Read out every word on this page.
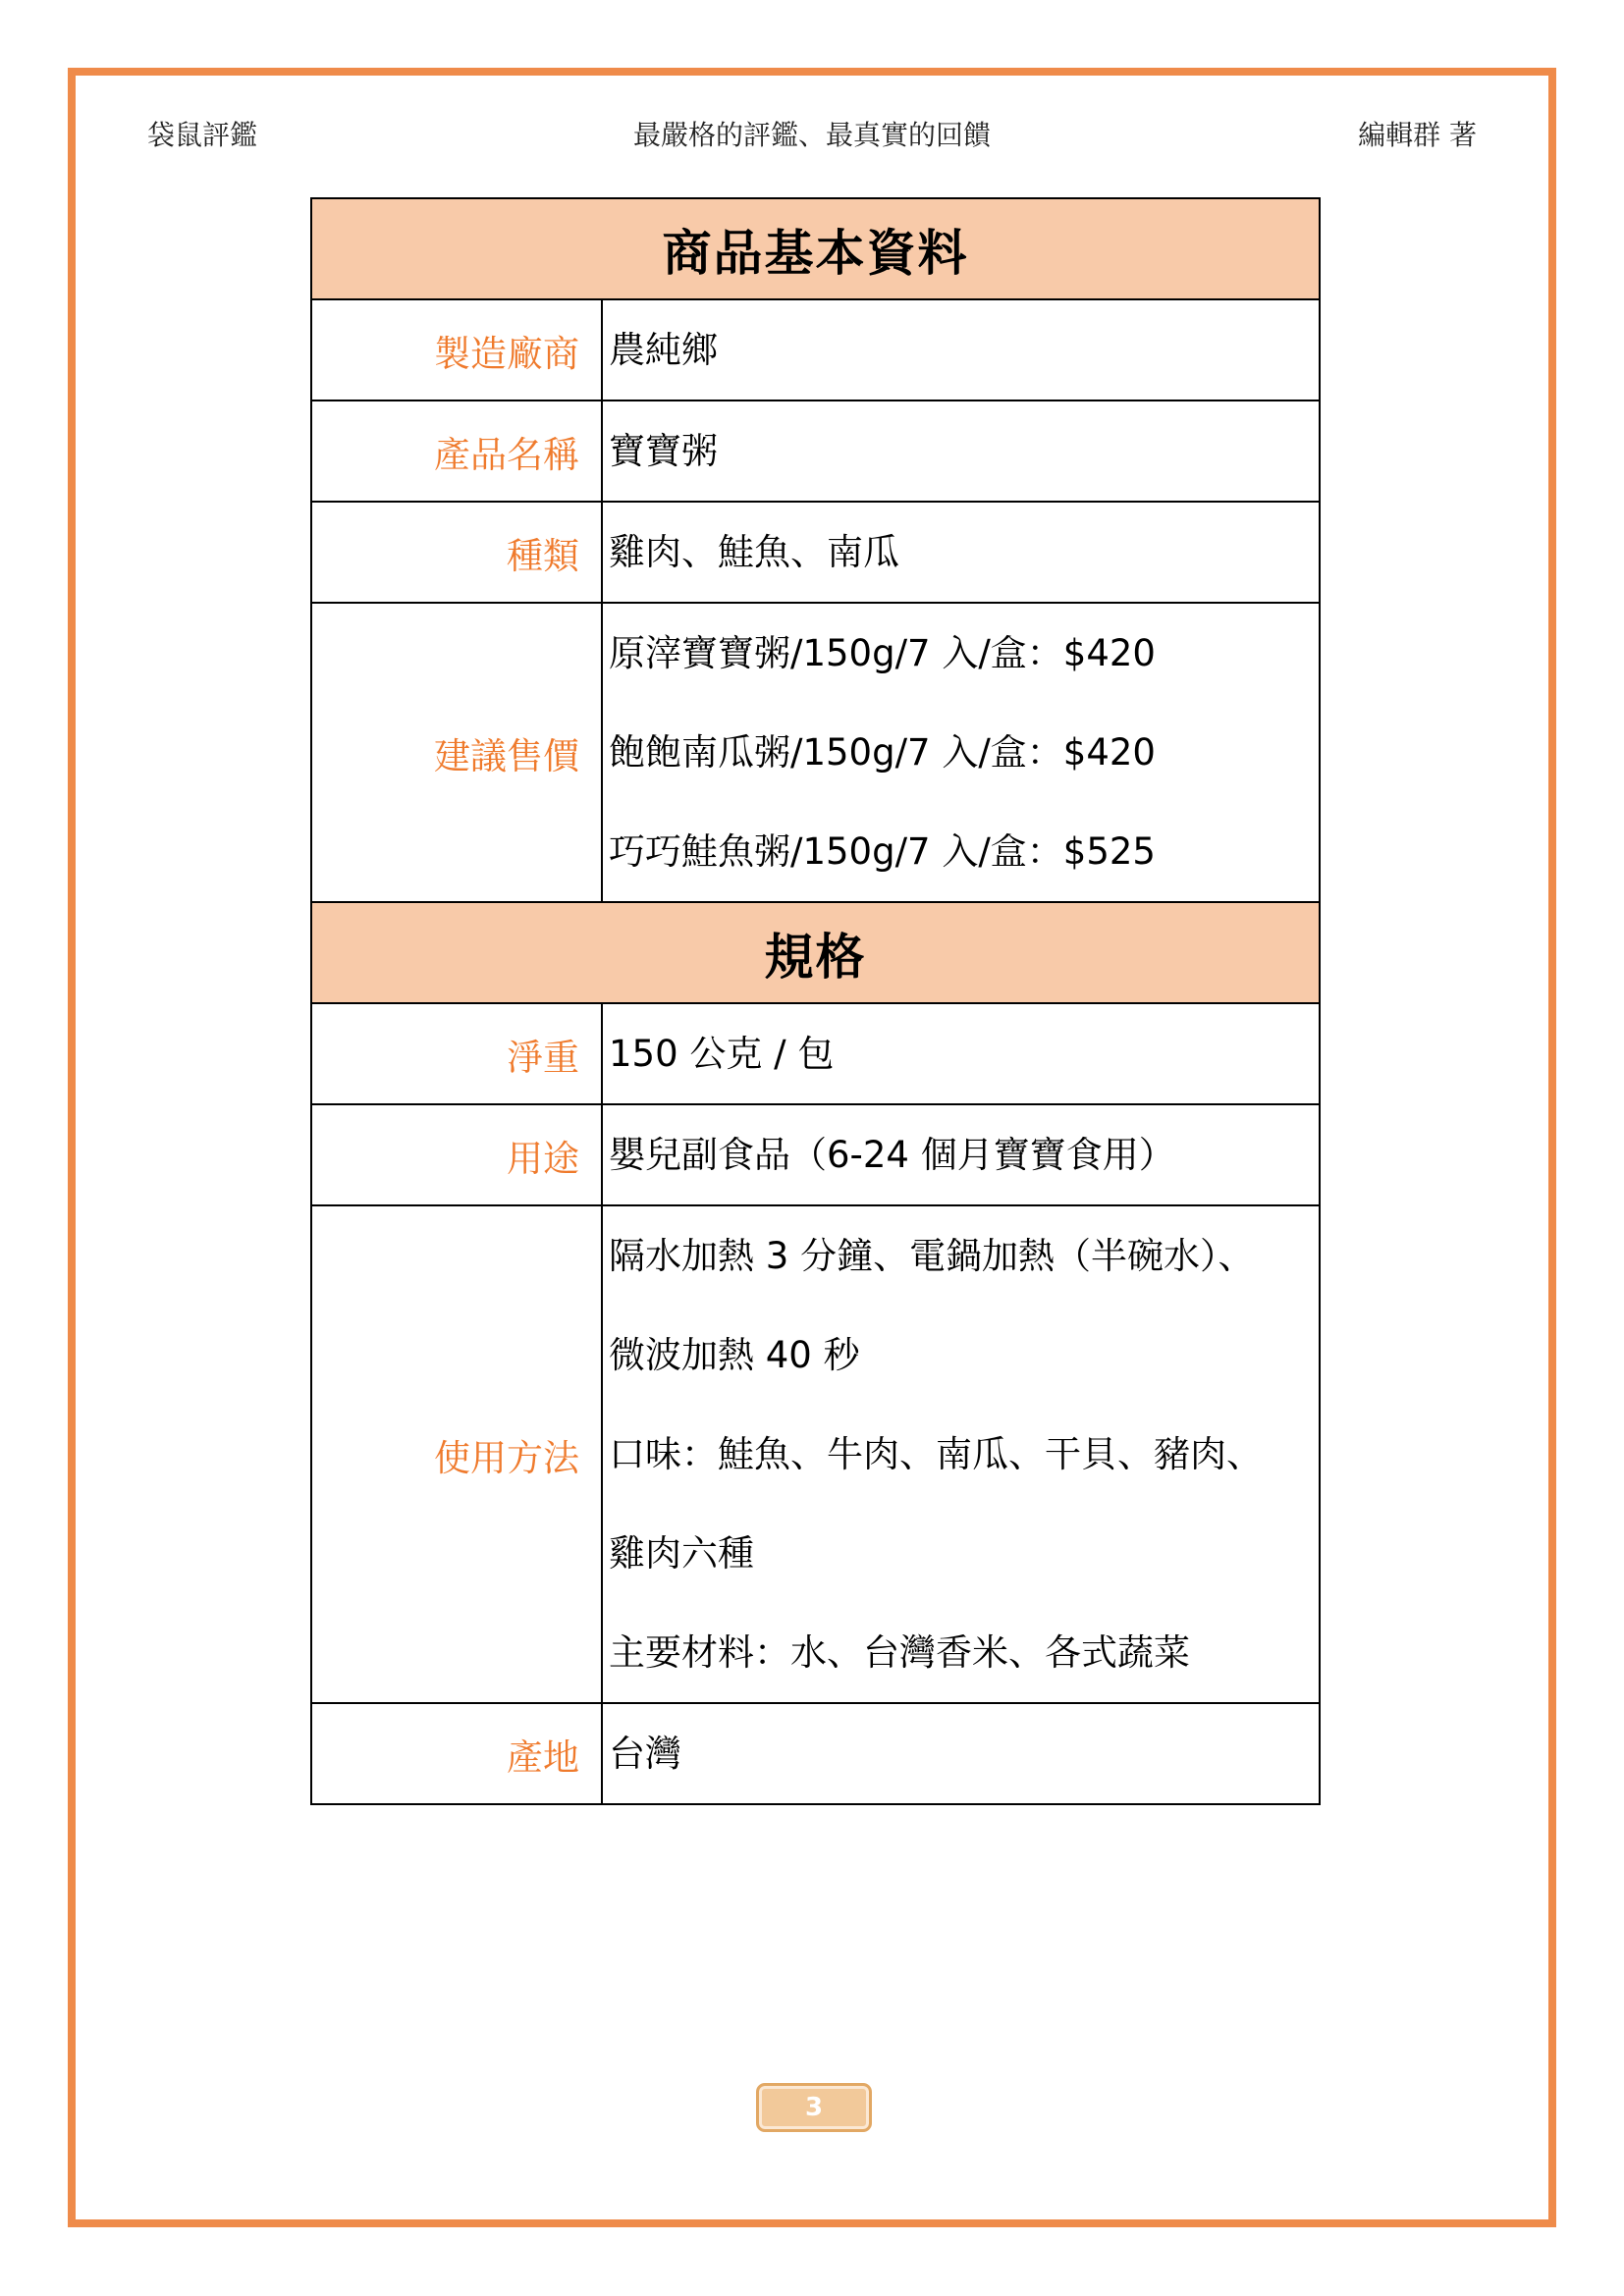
袋鼠評鑑	最嚴格的評鑑、最真實的回饋	編輯群 著
商品基本資料	
製造廠商	農純鄉

產品名稱	寶寶粥

種類	雞肉、鮭魚、南瓜

建議售價	原滓寶寶粥/150g/7 入/盒：$420
飽飽南瓜粥/150g/7 入/盒：$420
巧巧鮭魚粥/150g/7 入/盒：$525

規格	
淨重	150 公克 / 包

用途	嬰兒副食品（6-24 個月寶寶食用）

使用方法	隔水加熱 3 分鐘、電鍋加熱（半碗水）、
微波加熱 40 秒
口味：鮭魚、牛肉、南瓜、干貝、豬肉、
雞肉六種
主要材料：水、台灣香米、各式蔬菜

產地	台灣
3
